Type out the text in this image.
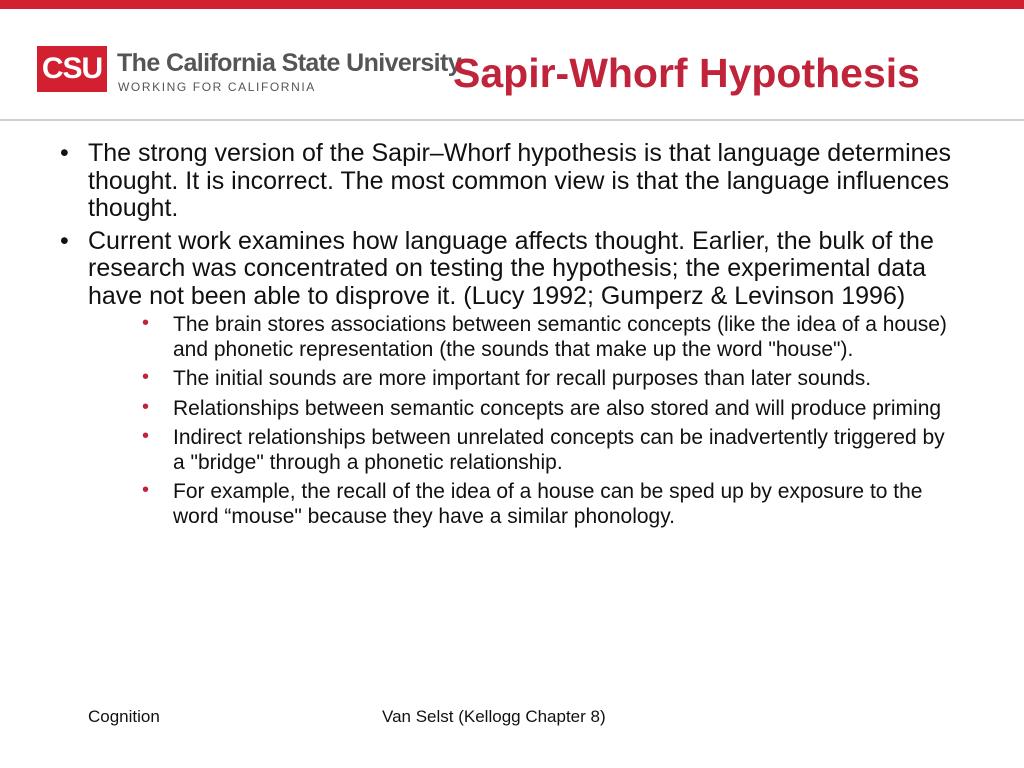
CSU The California State University
WORKING FOR CALIFORNIA	Sapir-Whorf Hypothesis
• The strong version of the Sapir–Whorf hypothesis is that language determines thought. It is incorrect. The most common view is that the language influences thought.
• Current work examines how language affects thought. Earlier, the bulk of the research was concentrated on testing the hypothesis; the experimental data have not been able to disprove it. (Lucy 1992; Gumperz & Levinson 1996)
• The brain stores associations between semantic concepts (like the idea of a house) and phonetic representation (the sounds that make up the word "house").
• The initial sounds are more important for recall purposes than later sounds.
• Relationships between semantic concepts are also stored and will produce priming
• Indirect relationships between unrelated concepts can be inadvertently triggered by a "bridge" through a phonetic relationship.
• For example, the recall of the idea of a house can be sped up by exposure to the word “mouse" because they have a similar phonology.
Cognition	Van Selst (Kellogg Chapter 8)
